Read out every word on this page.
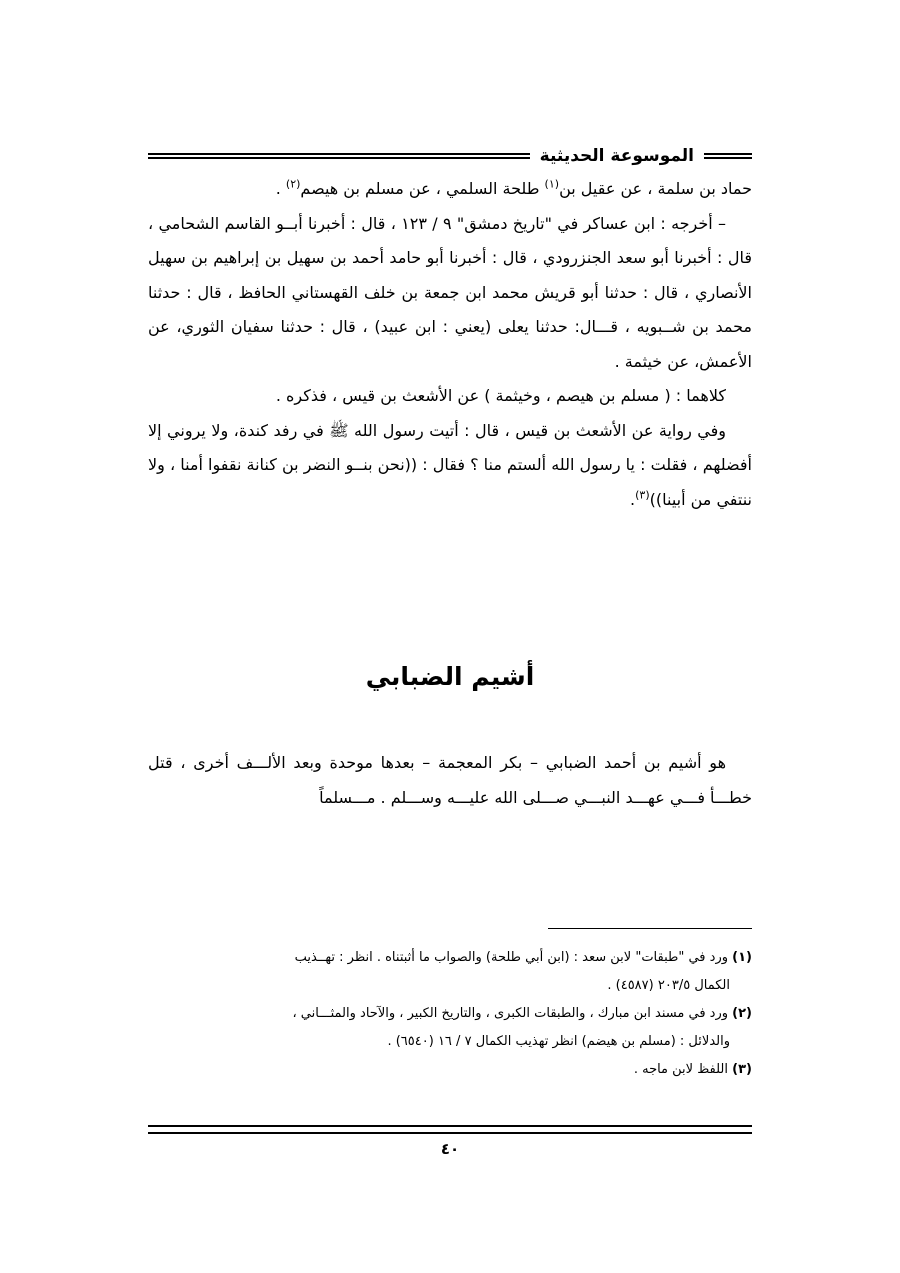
الموسوعة الحديثية

حماد بن سلمة ، عن عقيل بن$^{(١)}$ طلحة السلمي ، عن مسلم بن هيصم$^{(٢)}$ .

– أخرجه : ابن عساكر في "تاريخ دمشق" ٩ / ١٢٣ ، قال : أخبرنا أبــو القاسم الشحامي ، قال : أخبرنا أبو سعد الجنزرودي ، قال : أخبرنا أبو حامد أحمد بن سهيل بن إبراهيم بن سهيل الأنصاري ، قال : حدثنا أبو قريش محمد ابن جمعة بن خلف القهستاني الحافظ ، قال : حدثنا محمد بن شــبويه ، قـــال: حدثنا يعلى (يعني : ابن عبيد) ، قال : حدثنا سفيان الثوري، عن الأعمش، عن خيثمة .

كلاهما : ( مسلم بن هيصم ، وخيثمة ) عن الأشعث بن قيس ، فذكره .

وفي رواية عن الأشعث بن قيس ، قال : أتيت رسول الله ﷺ في رفد كندة، ولا يروني إلا أفضلهم ، فقلت : يا رسول الله ألستم منا ؟ فقال : ((نحن بنــو النضر بن كنانة نقفوا أمنا ، ولا ننتفي من أبينا))$^{(٣)}$.

أشيم الضبابي

هو أشيم بن أحمد الضبابي – بكر المعجمة – بعدها موحدة وبعد الألـــف أخرى ، قتل خطـــأ فـــي عهـــد النبـــي صـــلى الله عليـــه وســـلم . مـــسلماً

(١) ورد في "طبقات" لابن سعد : (ابن أبي طلحة) والصواب ما أثبتناه . انظر : تهــذيب

الكمال ٢٠٣/٥ (٤٥٨٧) .

(٢) ورد في مسند ابن مبارك ، والطبقات الكبرى ، والتاريخ الكبير ، والآحاد والمثـــاني ،

والدلائل : (مسلم بن هيضم) انظر تهذيب الكمال ٧ / ١٦ (٦٥٤٠) .

(٣) اللفظ لابن ماجه .

٤٠
